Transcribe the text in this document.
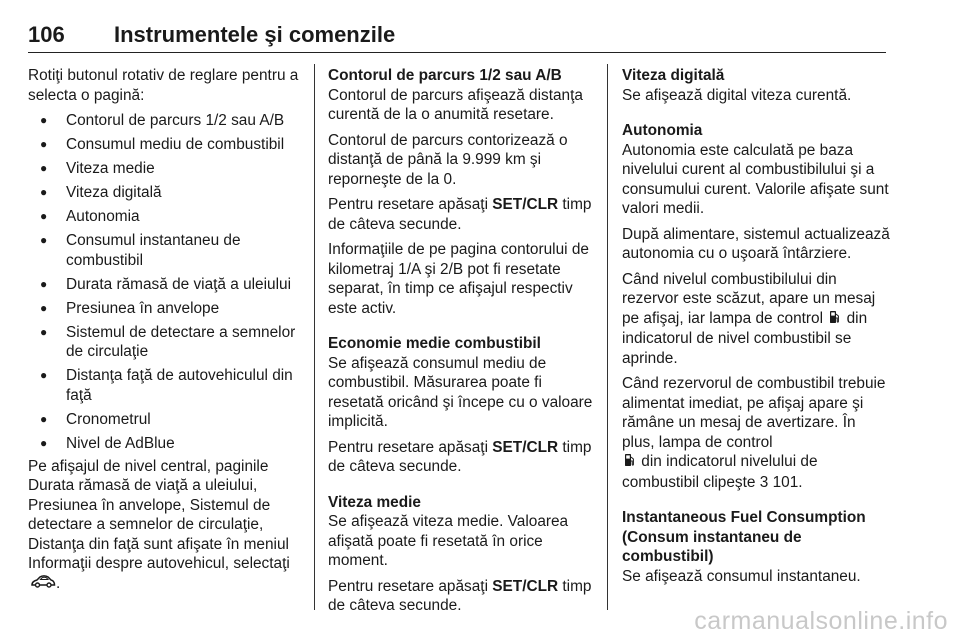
106 Instrumentele şi comenzile

Rotiţi butonul rotativ de reglare pentru a selecta o pagină:

● Contorul de parcurs 1/2 sau A/B
● Consumul mediu de combustibil
● Viteza medie
● Viteza digitală
● Autonomia
● Consumul instantaneu de combustibil
● Durata rămasă de viaţă a uleiului
● Presiunea în anvelope
● Sistemul de detectare a semnelor de circulaţie
● Distanţa faţă de autovehiculul din faţă
● Cronometrul
● Nivel de AdBlue

Pe afişajul de nivel central, paginile Durata rămasă de viaţă a uleiului, Presiunea în anvelope, Sistemul de detectare a semnelor de circulaţie, Distanţa din faţă sunt afişate în meniul Informaţii despre autovehicul, selectaţi .

Contorul de parcurs 1/2 sau A/B

Contorul de parcurs afişează distanţa curentă de la o anumită resetare.

Contorul de parcurs contorizează o distanţă de până la 9.999 km şi reporneşte de la 0.

Pentru resetare apăsaţi SET/CLR timp de câteva secunde.

Informaţiile de pe pagina contorului de kilometraj 1/A şi 2/B pot fi resetate separat, în timp ce afişajul respectiv este activ.

Economie medie combustibil

Se afişează consumul mediu de combustibil. Măsurarea poate fi resetată oricând şi începe cu o valoare implicită.

Pentru resetare apăsaţi SET/CLR timp de câteva secunde.

Viteza medie

Se afişează viteza medie. Valoarea afişată poate fi resetată în orice moment.

Pentru resetare apăsaţi SET/CLR timp de câteva secunde.

Viteza digitală

Se afişează digital viteza curentă.

Autonomia

Autonomia este calculată pe baza nivelului curent al combustibilului şi a consumului curent. Valorile afişate sunt valori medii.

După alimentare, sistemul actualizează autonomia cu o uşoară întârziere.

Când nivelul combustibilului din rezervor este scăzut, apare un mesaj pe afişaj, iar lampa de control din indicatorul de nivel combustibil se aprinde.

Când rezervorul de combustibil trebuie alimentat imediat, pe afişaj apare şi rămâne un mesaj de avertizare. În plus, lampa de control
din indicatorul nivelului de combustibil clipeşte 3 101.

Instantaneous Fuel Consumption (Consum instantaneu de combustibil)

Se afişează consumul instantaneu.

carmanualsonline.info
